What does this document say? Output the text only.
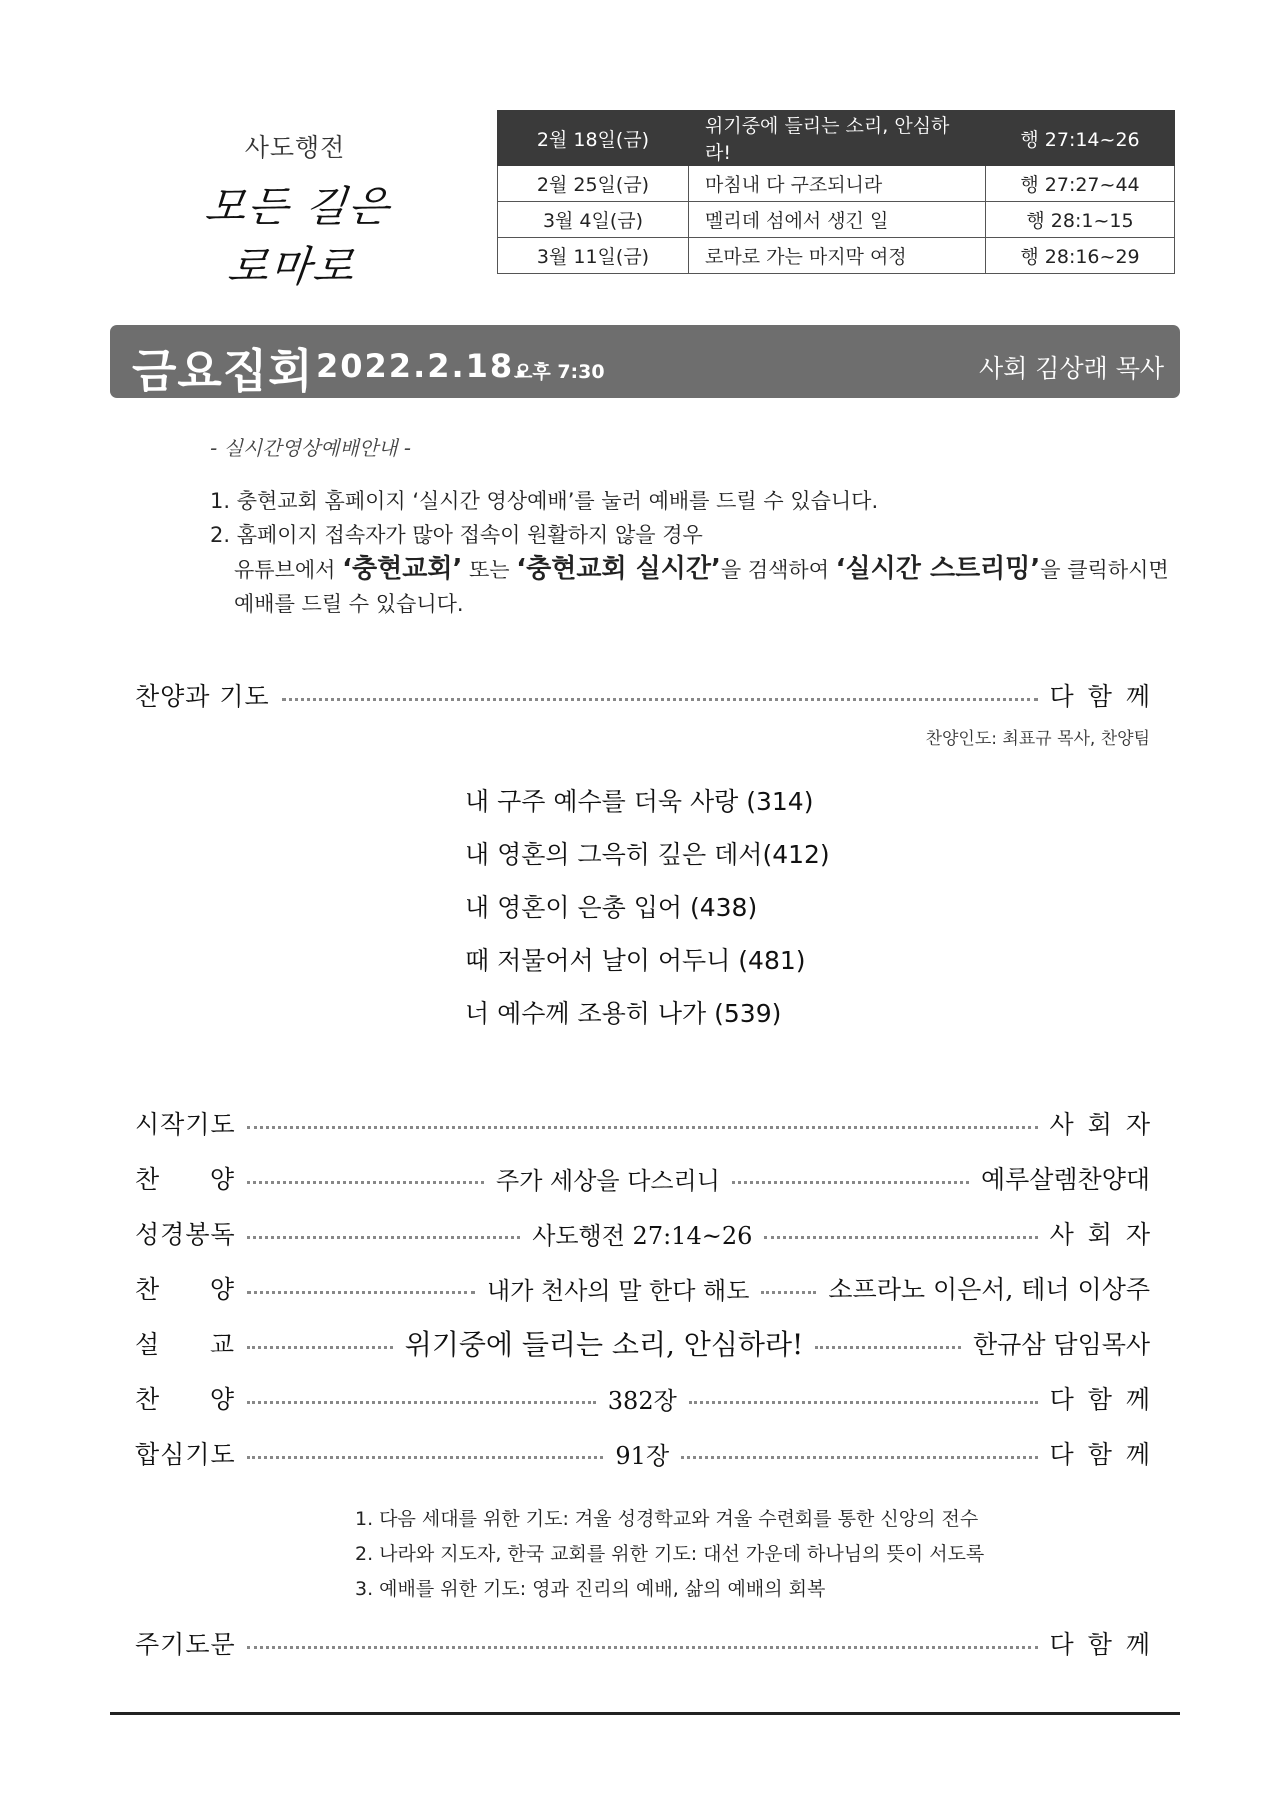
사도행전
모든 길은 로마로
2월 18일(금)	위기중에 들리는 소리, 안심하라!	행 27:14~26
2월 25일(금)	마침내 다 구조되니라	행 27:27~44
3월 4일(금)	멜리데 섬에서 생긴 일	행 28:1~15
3월 11일(금)	로마로 가는 마지막 여정	행 28:16~29
금요집회 2022.2.18.
오후 7:30	사회 김상래 목사
- 실시간영상예배안내 -
1. 충현교회 홈페이지 ‘실시간 영상예배’를 눌러 예배를 드릴 수 있습니다.
2. 홈페이지 접속자가 많아 접속이 원활하지 않을 경우
유튜브에서 ‘충현교회’ 또는 ‘충현교회 실시간’을 검색하여 ‘실시간 스트리밍’을 클릭하시면
예배를 드릴 수 있습니다.
찬양과 기도	다함께
찬양인도: 최표규 목사, 찬양팀
내 구주 예수를 더욱 사랑 (314)
내 영혼의 그윽히 깊은 데서(412)
내 영혼이 은총 입어 (438)
때 저물어서 날이 어두니 (481)
너 예수께 조용히 나가 (539)
시 작 기 도	사회자
찬 양	주가 세상을 다스리니	예루살렘찬양대
성 경 봉 독	사도행전 27:14~26	사회자
찬 양	내가 천사의 말 한다 해도	소프라노 이은서, 테너 이상주
설 교	위기중에 들리는 소리, 안심하라!	한규삼 담임목사
찬 양	382장	다함께
합 심 기 도	91장	다함께
1. 다음 세대를 위한 기도: 겨울 성경학교와 겨울 수련회를 통한 신앙의 전수
2. 나라와 지도자, 한국 교회를 위한 기도: 대선 가운데 하나님의 뜻이 서도록
3. 예배를 위한 기도: 영과 진리의 예배, 삶의 예배의 회복
주 기 도 문	다함께
